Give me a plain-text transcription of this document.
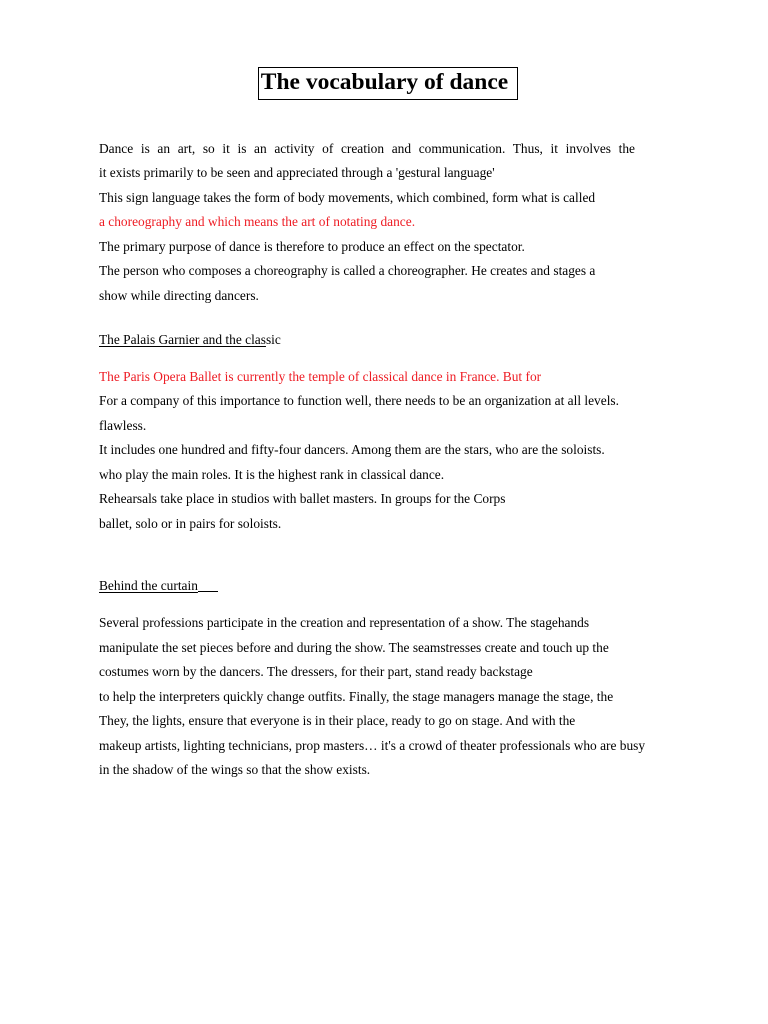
The vocabulary of dance
Dance is an art, so it is an activity of creation and communication. Thus, it involves the
it exists primarily to be seen and appreciated through a 'gestural language'
This sign language takes the form of body movements, which combined, form what is called
a choreography and which means the art of notating dance.
The primary purpose of dance is therefore to produce an effect on the spectator.
The person who composes a choreography is called a choreographer. He creates and stages a
show while directing dancers.
The Palais Garnier and the classic
The Paris Opera Ballet is currently the temple of classical dance in France. But for
For a company of this importance to function well, there needs to be an organization at all levels.
flawless.
It includes one hundred and fifty-four dancers. Among them are the stars, who are the soloists.
who play the main roles. It is the highest rank in classical dance.
Rehearsals take place in studios with ballet masters. In groups for the Corps
ballet, solo or in pairs for soloists.
Behind the curtain
Several professions participate in the creation and representation of a show. The stagehands
manipulate the set pieces before and during the show. The seamstresses create and touch up the
costumes worn by the dancers. The dressers, for their part, stand ready backstage
to help the interpreters quickly change outfits. Finally, the stage managers manage the stage, the
They, the lights, ensure that everyone is in their place, ready to go on stage. And with the
makeup artists, lighting technicians, prop masters… it's a crowd of theater professionals who are busy
in the shadow of the wings so that the show exists.
